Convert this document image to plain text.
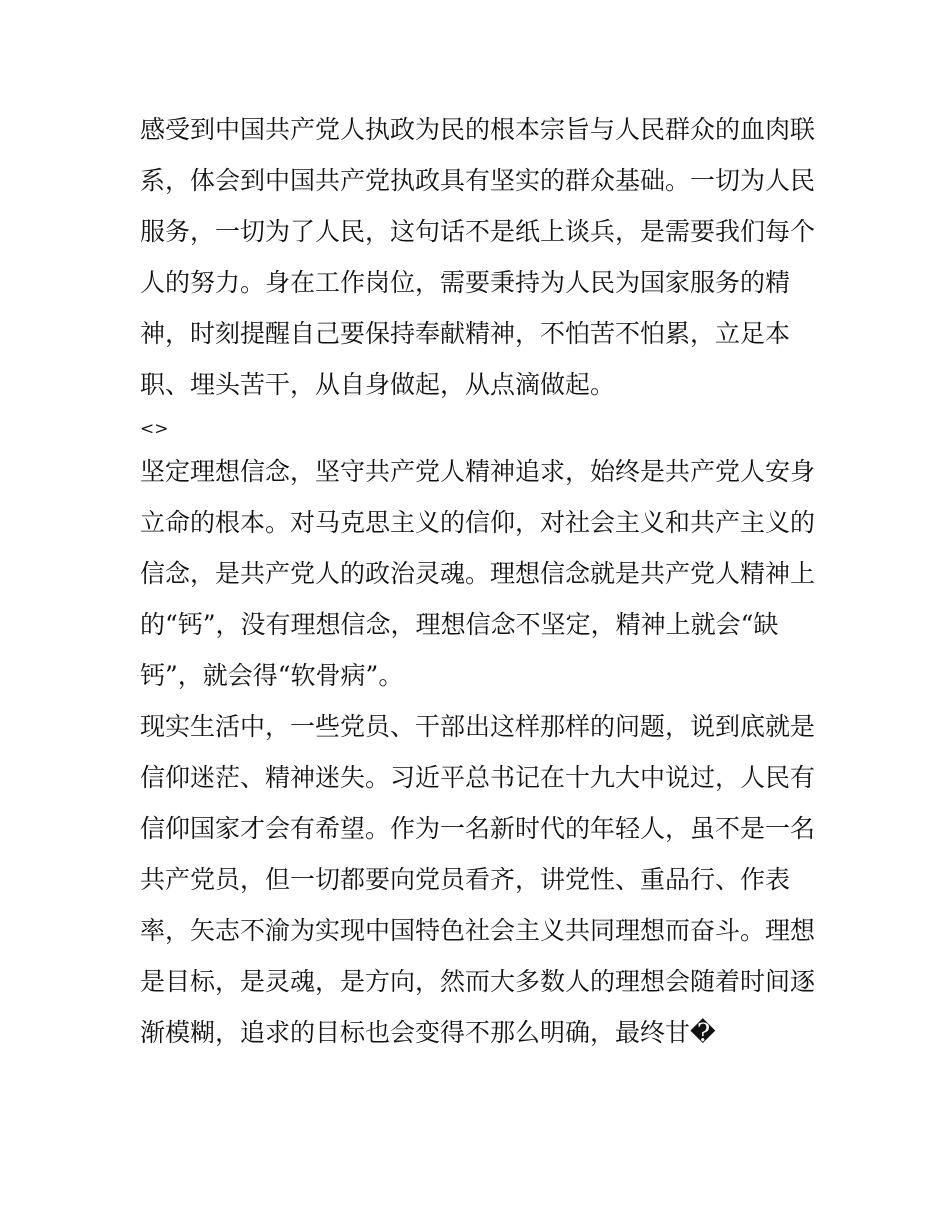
感受到中国共产党人执政为民的根本宗旨与人民群众的血肉联
系，体会到中国共产党执政具有坚实的群众基础。一切为人民
服务，一切为了人民，这句话不是纸上谈兵，是需要我们每个
人的努力。身在工作岗位，需要秉持为人民为国家服务的精
神，时刻提醒自己要保持奉献精神，不怕苦不怕累，立足本
职、埋头苦干，从自身做起，从点滴做起。
<>
坚定理想信念，坚守共产党人精神追求，始终是共产党人安身
立命的根本。对马克思主义的信仰，对社会主义和共产主义的
信念，是共产党人的政治灵魂。理想信念就是共产党人精神上
的“钙”，没有理想信念，理想信念不坚定，精神上就会“缺
钙”，就会得“软骨病”。
现实生活中，一些党员、干部出这样那样的问题，说到底就是
信仰迷茫、精神迷失。习近平总书记在十九大中说过，人民有
信仰国家才会有希望。作为一名新时代的年轻人，虽不是一名
共产党员，但一切都要向党员看齐，讲党性、重品行、作表
率，矢志不渝为实现中国特色社会主义共同理想而奋斗。理想
是目标，是灵魂，是方向，然而大多数人的理想会随着时间逐
渐模糊，追求的目标也会变得不那么明确，最终甘�
